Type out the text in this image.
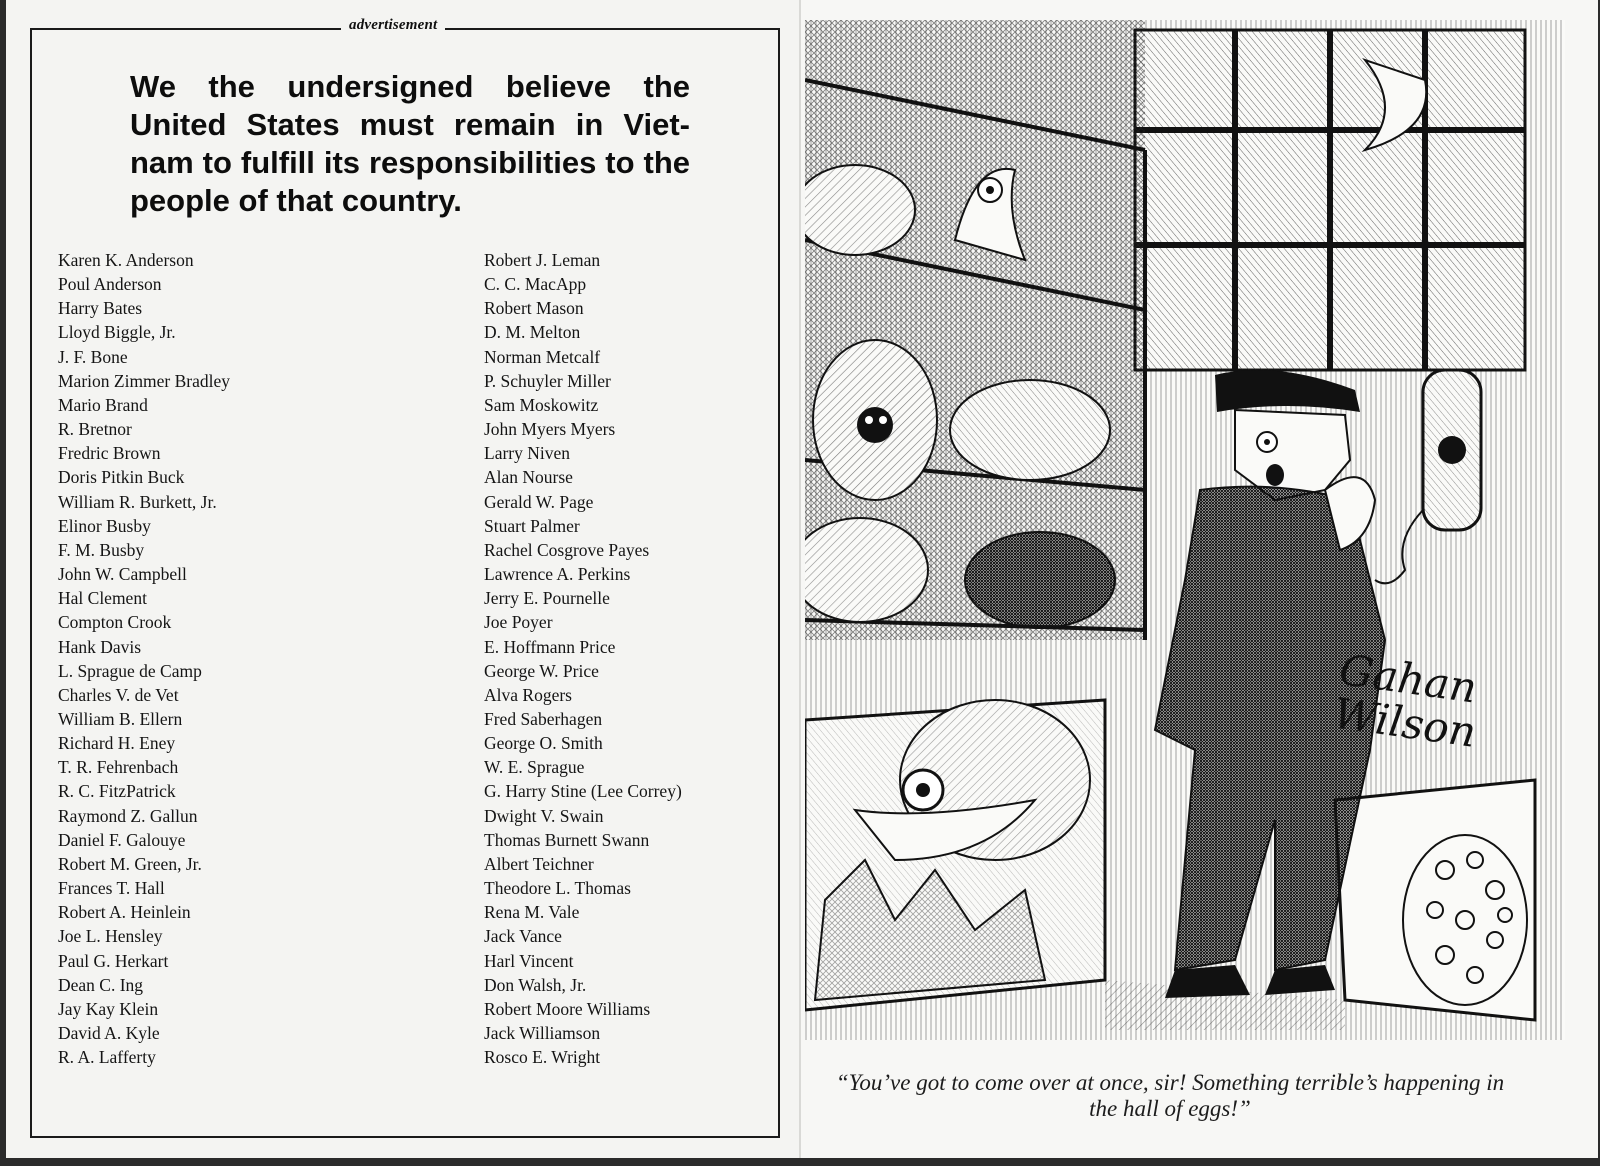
advertisement
We the undersigned believe the United States must remain in Viet-nam to fulfill its responsibilities to the people of that country.
Karen K. Anderson
Poul Anderson
Harry Bates
Lloyd Biggle, Jr.
J. F. Bone
Marion Zimmer Bradley
Mario Brand
R. Bretnor
Fredric Brown
Doris Pitkin Buck
William R. Burkett, Jr.
Elinor Busby
F. M. Busby
John W. Campbell
Hal Clement
Compton Crook
Hank Davis
L. Sprague de Camp
Charles V. de Vet
William B. Ellern
Richard H. Eney
T. R. Fehrenbach
R. C. FitzPatrick
Raymond Z. Gallun
Daniel F. Galouye
Robert M. Green, Jr.
Frances T. Hall
Robert A. Heinlein
Joe L. Hensley
Paul G. Herkart
Dean C. Ing
Jay Kay Klein
David A. Kyle
R. A. Lafferty
Robert J. Leman
C. C. MacApp
Robert Mason
D. M. Melton
Norman Metcalf
P. Schuyler Miller
Sam Moskowitz
John Myers Myers
Larry Niven
Alan Nourse
Gerald W. Page
Stuart Palmer
Rachel Cosgrove Payes
Lawrence A. Perkins
Jerry E. Pournelle
Joe Poyer
E. Hoffmann Price
George W. Price
Alva Rogers
Fred Saberhagen
George O. Smith
W. E. Sprague
G. Harry Stine (Lee Correy)
Dwight V. Swain
Thomas Burnett Swann
Albert Teichner
Theodore L. Thomas
Rena M. Vale
Jack Vance
Harl Vincent
Don Walsh, Jr.
Robert Moore Williams
Jack Williamson
Rosco E. Wright
Gahan Wilson
“You’ve got to come over at once, sir! Something terrible’s happening in the hall of eggs!”
